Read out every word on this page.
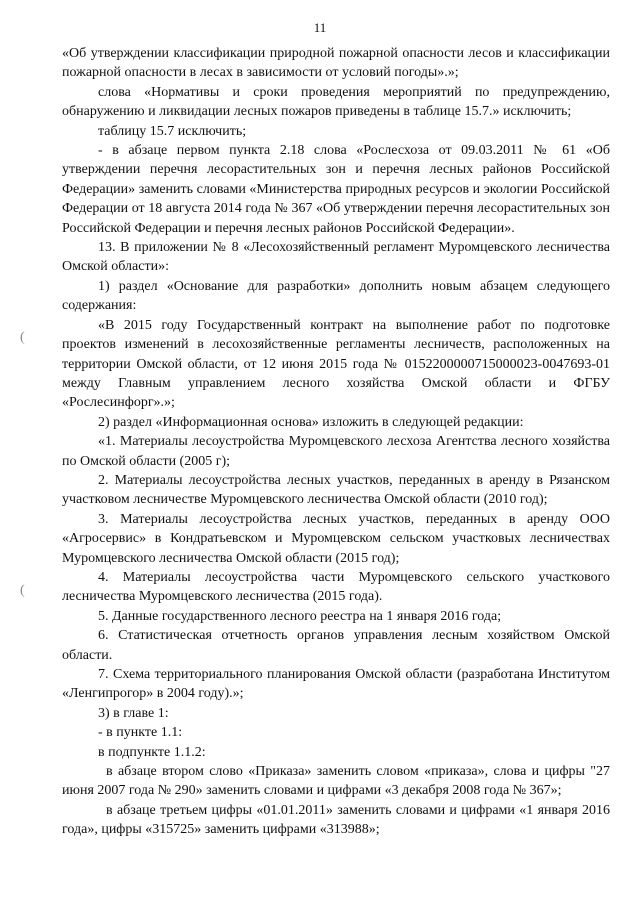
11
(
(

«Об утверждении классификации природной пожарной опасности лесов и классификации пожарной опасности в лесах в зависимости от условий погоды».»;

слова «Нормативы и сроки проведения мероприятий по предупреждению, обнаружению и ликвидации лесных пожаров приведены в таблице 15.7.» исключить;

таблицу 15.7 исключить;

- в абзаце первом пункта 2.18 слова «Рослесхоза от 09.03.2011 № 61 «Об утверждении перечня лесорастительных зон и перечня лесных районов Российской Федерации» заменить словами «Министерства природных ресурсов и экологии Российской Федерации от 18 августа 2014 года № 367 «Об утверждении перечня лесорастительных зон Российской Федерации и перечня лесных районов Российской Федерации».

13. В приложении № 8 «Лесохозяйственный регламент Муромцевского лесничества Омской области»:

1) раздел «Основание для разработки» дополнить новым абзацем следующего содержания:

«В 2015 году Государственный контракт на выполнение работ по подготовке проектов изменений в лесохозяйственные регламенты лесничеств, расположенных на территории Омской области, от 12 июня 2015 года № 0152200000715000023-0047693-01 между Главным управлением лесного хозяйства Омской области и ФГБУ «Рослесинфорг».»;

2) раздел «Информационная основа» изложить в следующей редакции:

«1. Материалы лесоустройства Муромцевского лесхоза Агентства лесного хозяйства по Омской области (2005 г);

2. Материалы лесоустройства лесных участков, переданных в аренду в Рязанском участковом лесничестве Муромцевского лесничества Омской области (2010 год);

3. Материалы лесоустройства лесных участков, переданных в аренду ООО «Агросервис» в Кондратьевском и Муромцевском сельском участковых лесничествах Муромцевского лесничества Омской области (2015 год);

4. Материалы лесоустройства части Муромцевского сельского участкового лесничества Муромцевского лесничества (2015 года).

5. Данные государственного лесного реестра на 1 января 2016 года;

6. Статистическая отчетность органов управления лесным хозяйством Омской области.

7. Схема территориального планирования Омской области (разработана Институтом «Ленгипрогор» в 2004 году).»;

3) в главе 1:

- в пункте 1.1:

в подпункте 1.1.2:

в абзаце втором слово «Приказа» заменить словом «приказа», слова и цифры "27 июня 2007 года № 290» заменить словами и цифрами «3 декабря 2008 года № 367»;

в абзаце третьем цифры «01.01.2011» заменить словами и цифрами «1 января 2016 года», цифры «315725» заменить цифрами «313988»;
